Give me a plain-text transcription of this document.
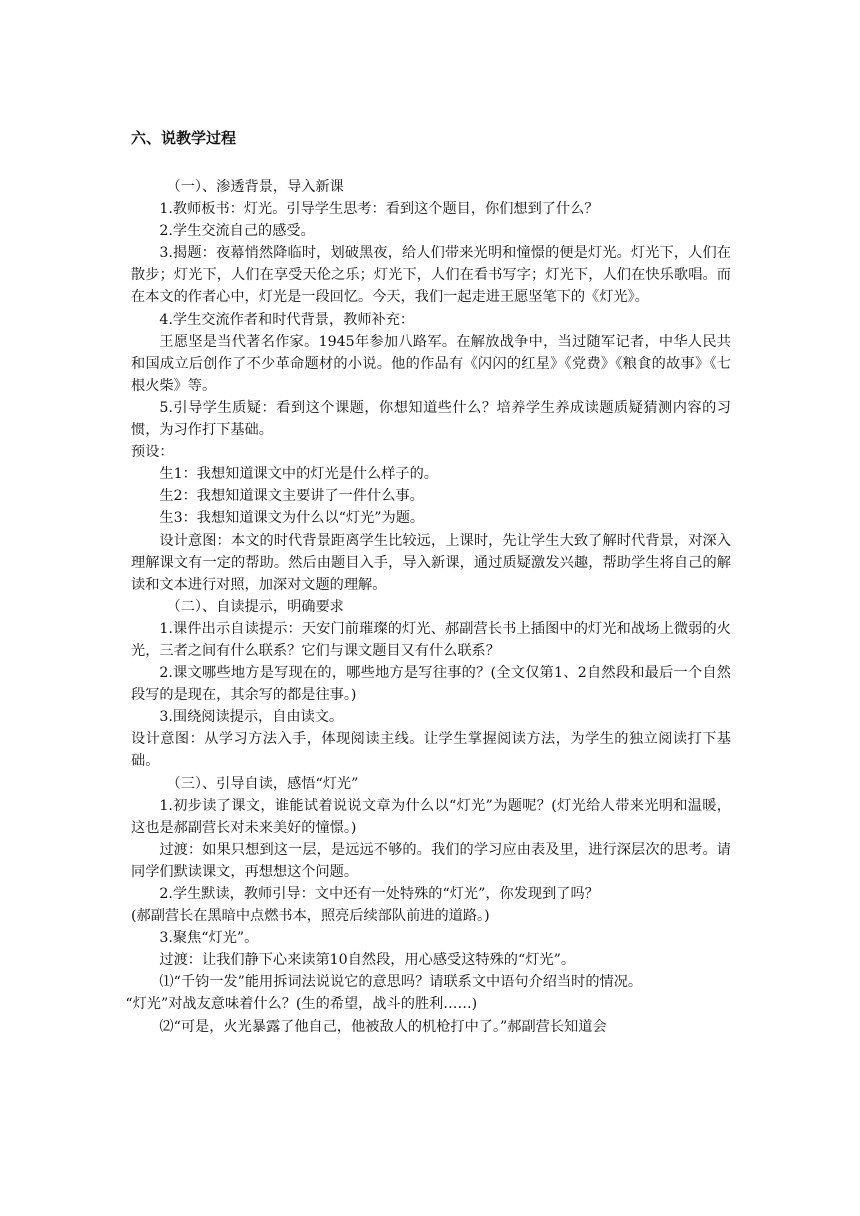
六、说教学过程

（一）、渗透背景，导入新课

1.教师板书：灯光。引导学生思考：看到这个题目，你们想到了什么？

2.学生交流自己的感受。

3.揭题：夜幕悄然降临时，划破黑夜，给人们带来光明和憧憬的便是灯光。灯光下，人们在散步；灯光下，人们在享受天伦之乐；灯光下，人们在看书写字；灯光下，人们在快乐歌唱。而在本文的作者心中，灯光是一段回忆。今天，我们一起走进王愿坚笔下的《灯光》。

4.学生交流作者和时代背景，教师补充：

王愿坚是当代著名作家。1945年参加八路军。在解放战争中，当过随军记者，中华人民共和国成立后创作了不少革命题材的小说。他的作品有《闪闪的红星》《党费》《粮食的故事》《七根火柴》等。

5.引导学生质疑：看到这个课题，你想知道些什么？培养学生养成读题质疑猜测内容的习惯，为习作打下基础。

预设：

生1：我想知道课文中的灯光是什么样子的。

生2：我想知道课文主要讲了一件什么事。

生3：我想知道课文为什么以“灯光”为题。

设计意图：本文的时代背景距离学生比较远，上课时，先让学生大致了解时代背景，对深入理解课文有一定的帮助。然后由题目入手，导入新课，通过质疑激发兴趣，帮助学生将自己的解读和文本进行对照，加深对文题的理解。

（二）、自读提示，明确要求

1.课件出示自读提示：天安门前璀璨的灯光、郝副营长书上插图中的灯光和战场上微弱的火光，三者之间有什么联系？它们与课文题目又有什么联系？

2.课文哪些地方是写现在的，哪些地方是写往事的？(全文仅第1、2自然段和最后一个自然段写的是现在，其余写的都是往事。)

3.围绕阅读提示，自由读文。

设计意图：从学习方法入手，体现阅读主线。让学生掌握阅读方法，为学生的独立阅读打下基础。

（三）、引导自读，感悟“灯光”

1.初步读了课文，谁能试着说说文章为什么以“灯光”为题呢？(灯光给人带来光明和温暖，这也是郝副营长对未来美好的憧憬。)

过渡：如果只想到这一层，是远远不够的。我们的学习应由表及里，进行深层次的思考。请同学们默读课文，再想想这个问题。

2.学生默读，教师引导：文中还有一处特殊的“灯光”，你发现到了吗？

(郝副营长在黑暗中点燃书本，照亮后续部队前进的道路。)

3.聚焦“灯光”。

过渡：让我们静下心来读第10自然段，用心感受这特殊的“灯光”。

⑴“千钧一发”能用拆词法说说它的意思吗？请联系文中语句介绍当时的情况。

“灯光”对战友意味着什么？(生的希望，战斗的胜利……)

⑵“可是，火光暴露了他自己，他被敌人的机枪打中了。”郝副营长知道会
